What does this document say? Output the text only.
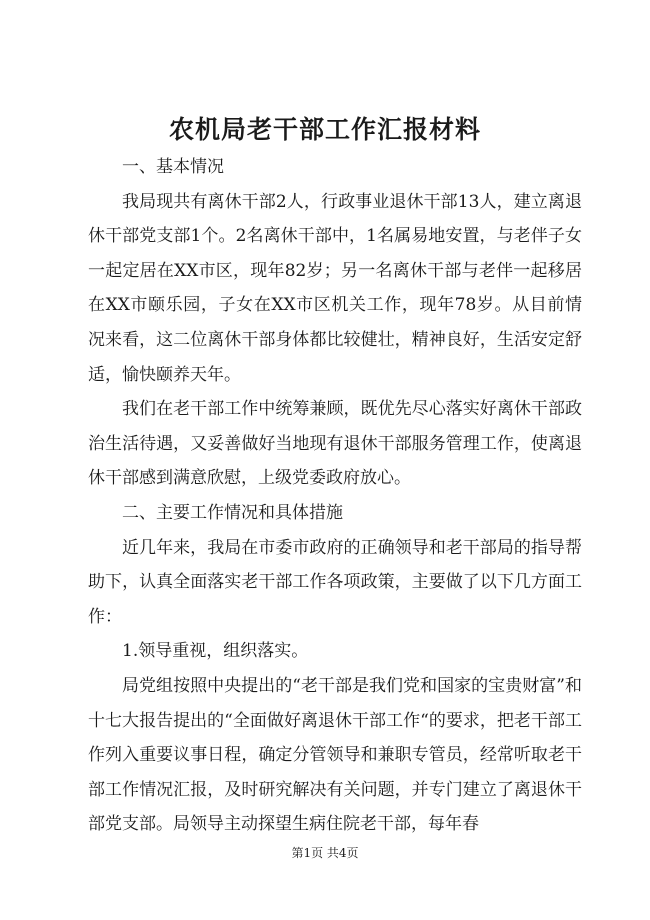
农机局老干部工作汇报材料

一、基本情况

我局现共有离休干部2人，行政事业退休干部13人，建立离退休干部党支部1个。2名离休干部中，1名属易地安置，与老伴子女一起定居在XX市区，现年82岁；另一名离休干部与老伴一起移居在XX市颐乐园，子女在XX市区机关工作，现年78岁。从目前情况来看，这二位离休干部身体都比较健壮，精神良好，生活安定舒适，愉快颐养天年。

我们在老干部工作中统筹兼顾，既优先尽心落实好离休干部政治生活待遇，又妥善做好当地现有退休干部服务管理工作，使离退休干部感到满意欣慰，上级党委政府放心。

二、主要工作情况和具体措施

近几年来，我局在市委市政府的正确领导和老干部局的指导帮助下，认真全面落实老干部工作各项政策，主要做了以下几方面工作：

1.领导重视，组织落实。

局党组按照中央提出的“老干部是我们党和国家的宝贵财富”和十七大报告提出的“全面做好离退休干部工作“的要求，把老干部工作列入重要议事日程，确定分管领导和兼职专管员，经常听取老干部工作情况汇报，及时研究解决有关问题，并专门建立了离退休干部党支部。局领导主动探望生病住院老干部，每年春

第1页 共4页
